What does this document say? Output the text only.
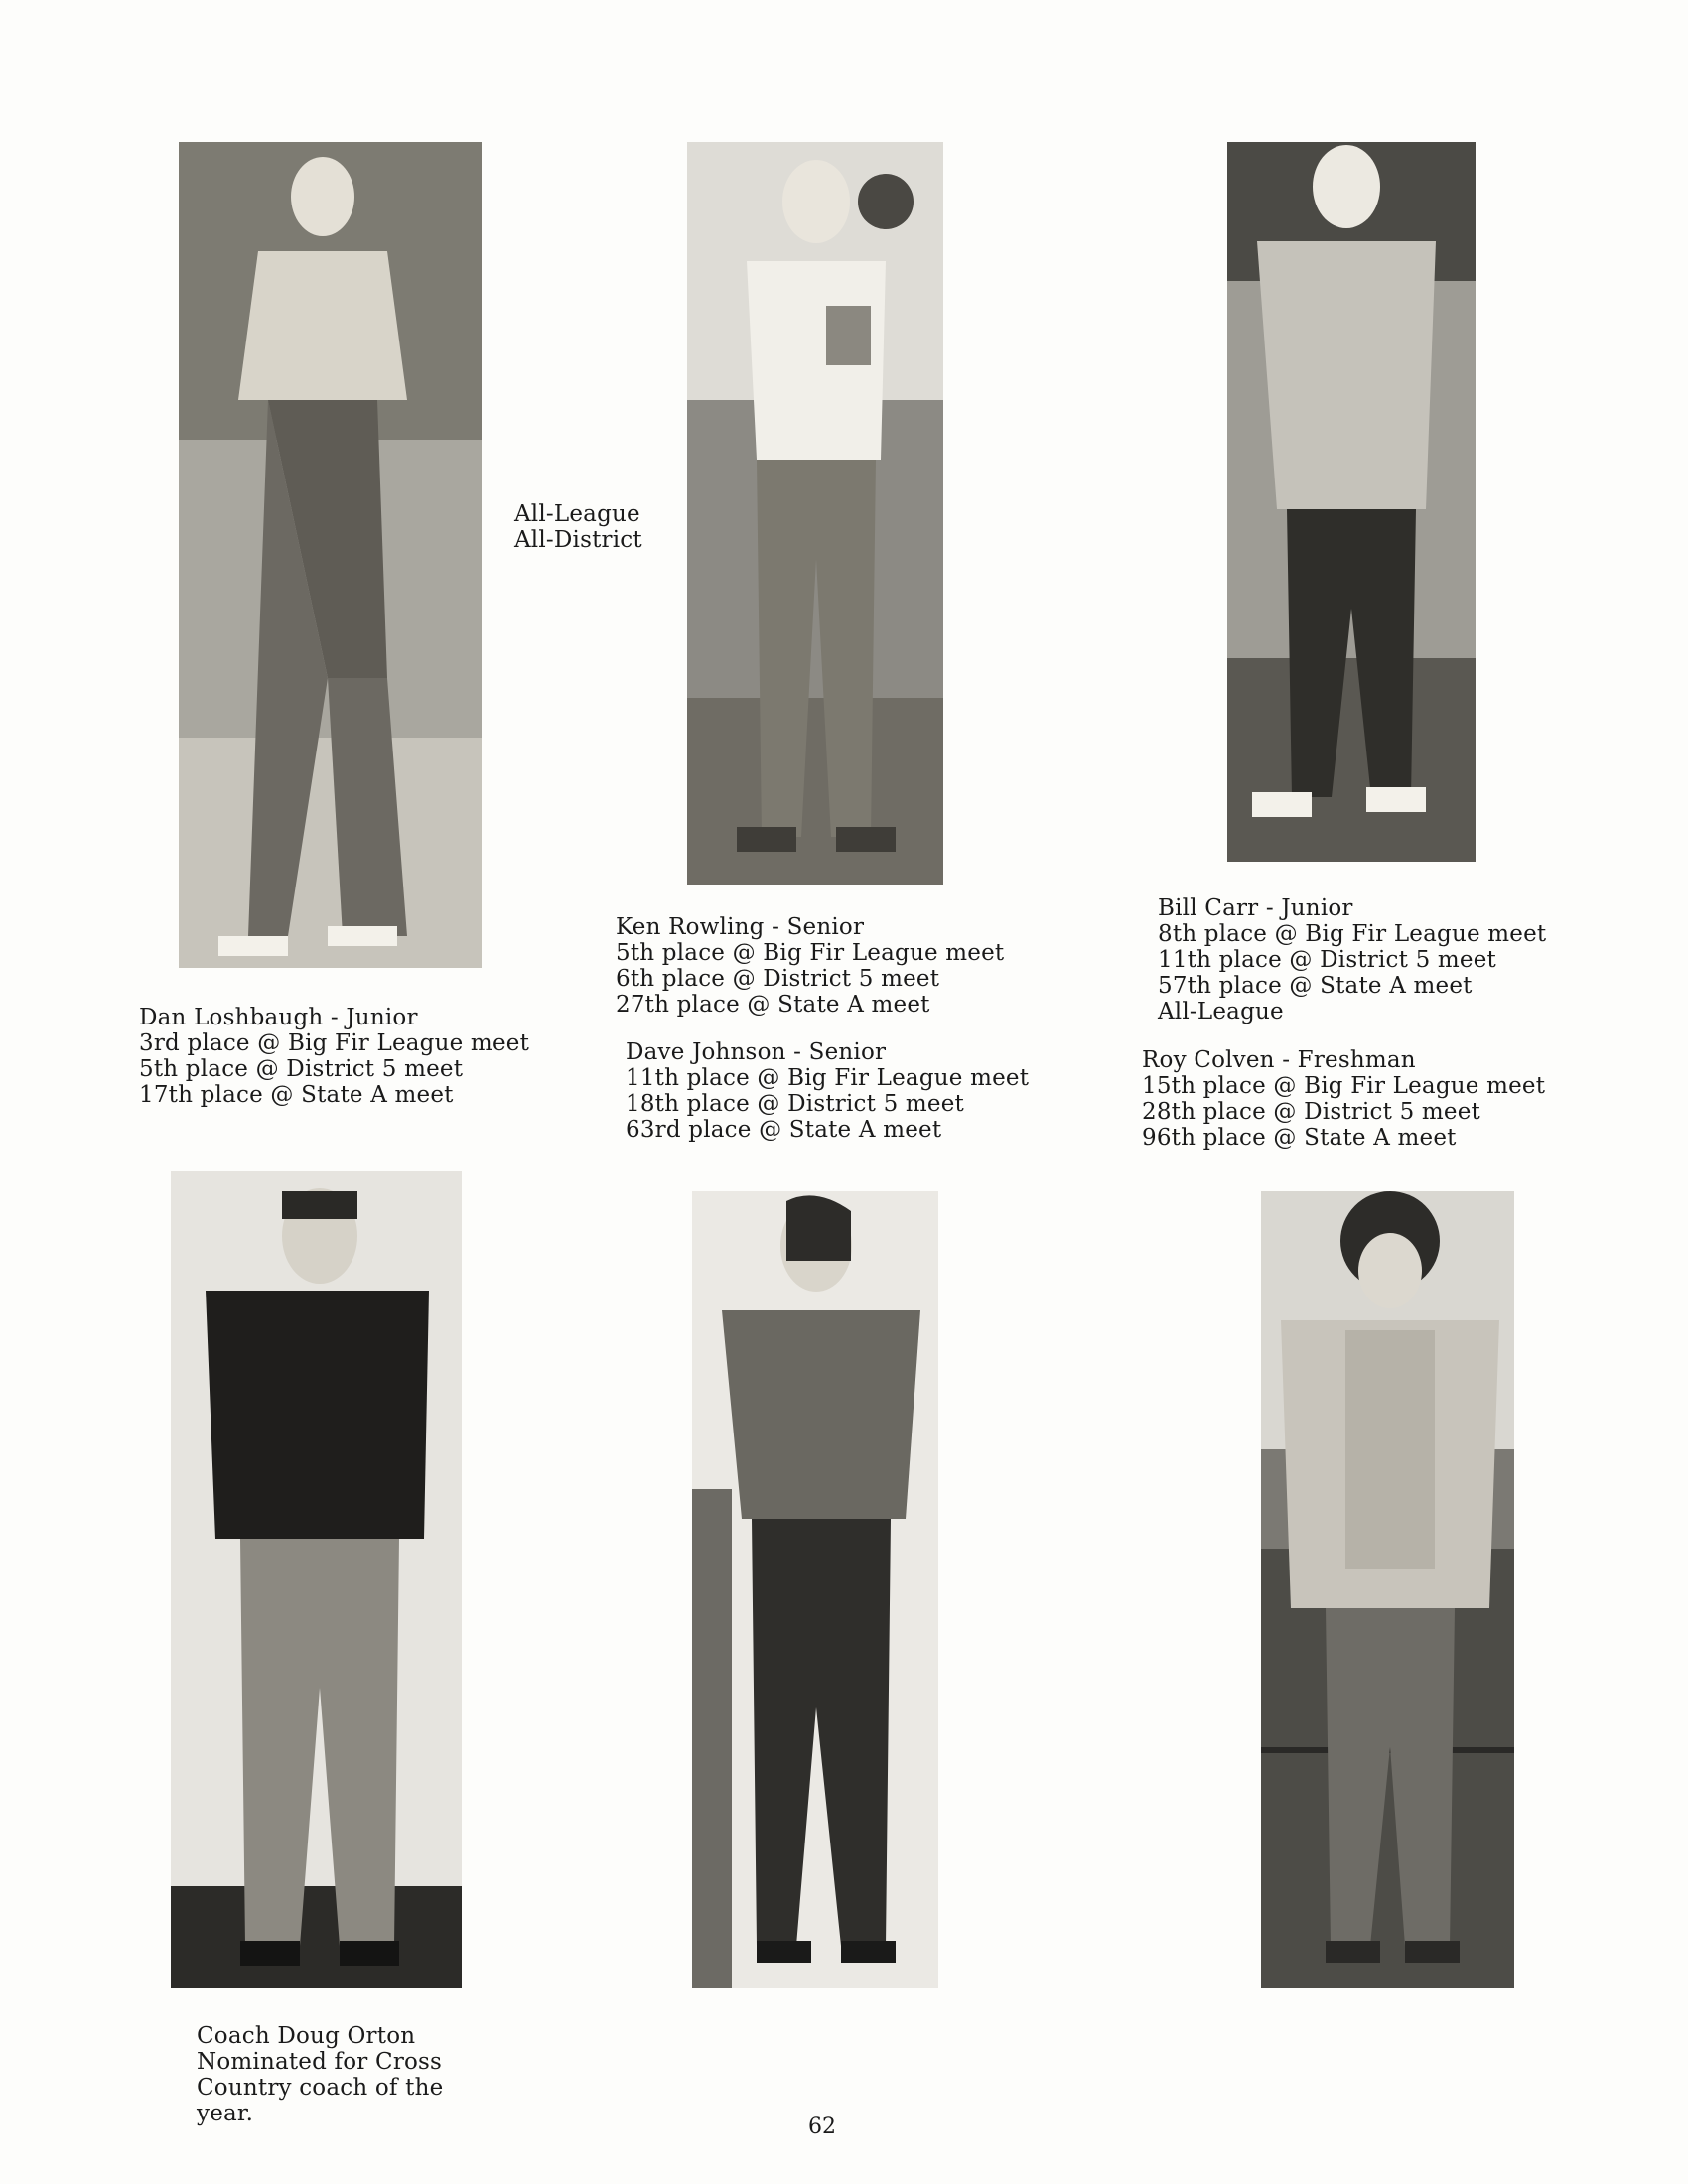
All-League
All-District
Dan Loshbaugh - Junior
3rd place @ Big Fir League meet
5th place @ District 5 meet
17th place @ State A meet
Ken Rowling - Senior
5th place @ Big Fir League meet
6th place @ District 5 meet
27th place @ State A meet
Dave Johnson - Senior
11th place @ Big Fir League meet
18th place @ District 5 meet
63rd place @ State A meet
Bill Carr - Junior
8th place @ Big Fir League meet
11th place @ District 5 meet
57th place @ State A meet
All-League
Roy Colven - Freshman
15th place @ Big Fir League meet
28th place @ District 5 meet
96th place @ State A meet
Coach Doug Orton
Nominated for Cross
Country coach of the
year.
62
